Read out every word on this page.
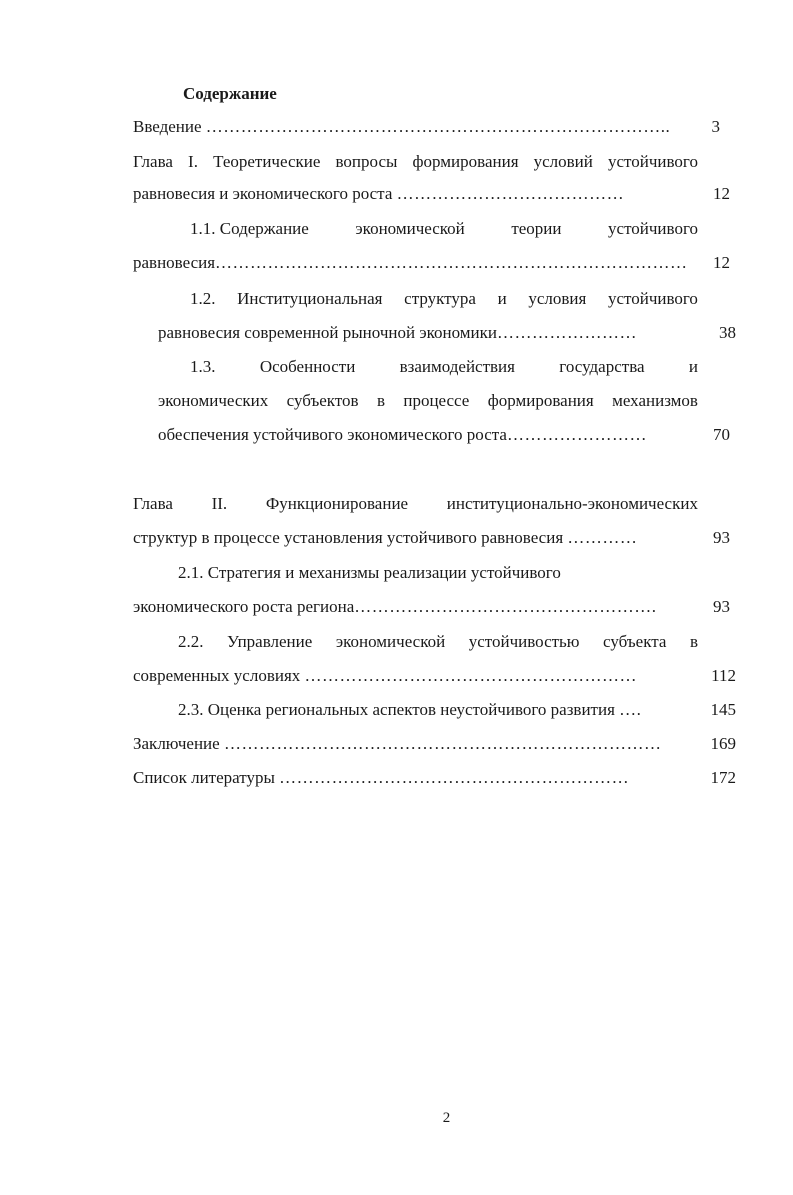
Содержание
Введение ……………………………………………………………………..	3
Глава I. Теоретические вопросы формирования условий устойчивого
равновесия и экономического роста …………………………………	12
1.1. Содержание	экономической	теории	устойчивого
равновесия………………………………………………………………………	12
1.2. Институциональная структура и условия устойчивого
равновесия современной рыночной экономики……………………	38
1.3.	Особенности	взаимодействия	государства	и
экономических субъектов в процессе формирования механизмов
обеспечения устойчивого экономического роста……………………	70
Глава II. Функционирование институционально-экономических
структур в процессе установления устойчивого равновесия …………	93
2.1. Стратегия и механизмы реализации устойчивого
экономического роста региона…………………………………………….	93
2.2. Управление экономической устойчивостью субъекта в
современных условиях …………………………………………………	112
2.3. Оценка региональных аспектов неустойчивого развития ….	145
Заключение …………………………………………………………………	169
Список литературы ……………………………………………………	172
2
